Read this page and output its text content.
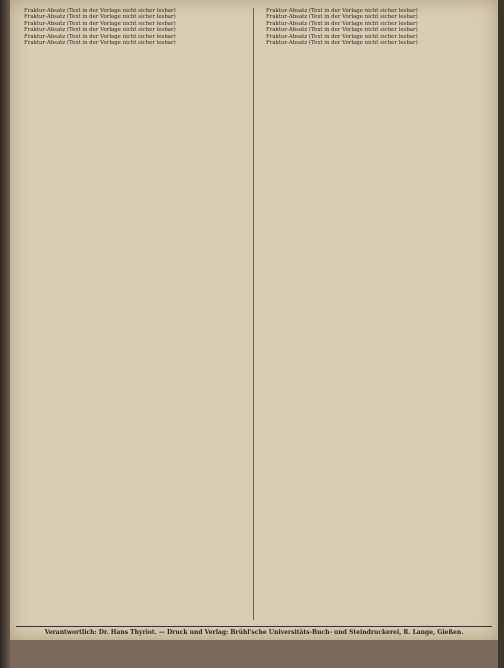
Fraktur-Absatz (Text in der Vorlage nicht sicher lesbar)

Fraktur-Absatz (Text in der Vorlage nicht sicher lesbar)

Fraktur-Absatz (Text in der Vorlage nicht sicher lesbar)

Fraktur-Absatz (Text in der Vorlage nicht sicher lesbar)

Fraktur-Absatz (Text in der Vorlage nicht sicher lesbar)

Fraktur-Absatz (Text in der Vorlage nicht sicher lesbar)

Fraktur-Absatz (Text in der Vorlage nicht sicher lesbar)

Fraktur-Absatz (Text in der Vorlage nicht sicher lesbar)

Fraktur-Absatz (Text in der Vorlage nicht sicher lesbar)

Fraktur-Absatz (Text in der Vorlage nicht sicher lesbar)

Fraktur-Absatz (Text in der Vorlage nicht sicher lesbar)

Fraktur-Absatz (Text in der Vorlage nicht sicher lesbar)

Verantwortlich: Dr. Hans Thyriot. — Druck und Verlag: Brühl'sche Universitäts-Buch- und Steindruckerei, R. Lange, Gießen.
